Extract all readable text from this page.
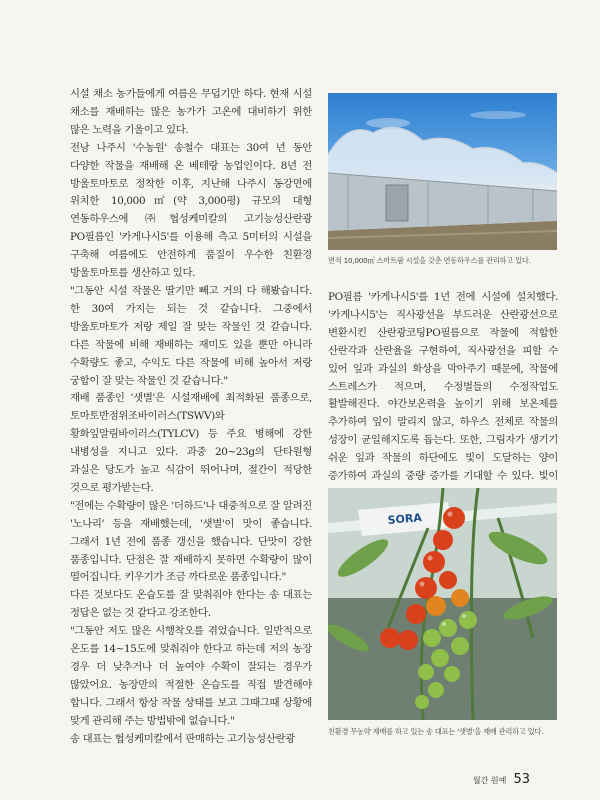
시설 채소 농가들에게 여름은 무덥기만 하다. 현재 시설 채소를 재배하는 많은 농가가 고온에 대비하기 위한 많은 노력을 기울이고 있다.

전남 나주시 '수농원' 송철수 대표는 30여 년 동안 다양한 작물을 재배해 온 베테랑 농업인이다. 8년 전 방울토마토로 정착한 이후, 지난해 나주시 동강면에 위치한 10,000㎡(약 3,000평) 규모의 대형 연동하우스에 ㈜협성케미칼의 고기능성산란광 PO필름인 '카게나시5'를 이용해 측고 5미터의 시설을 구축해 여름에도 안전하게 품질이 우수한 친환경 방울토마토를 생산하고 있다.

"그동안 시설 작물은 딸기만 빼고 거의 다 해봤습니다. 한 30여 가지는 되는 것 같습니다. 그중에서 방울토마토가 저랑 제일 잘 맞는 작물인 것 같습니다. 다른 작물에 비해 재배하는 재미도 있을 뿐만 아니라 수확량도 좋고, 수익도 다른 작물에 비해 높아서 저랑 궁합이 잘 맞는 작물인 것 같습니다."

재배 품종인 '샛별'은 시설재배에 최적화된 품종으로, 토마토반점위조바이러스(TSWV)와 황화잎말림바이러스(TYLCV) 등 주요 병해에 강한 내병성을 지니고 있다. 과중 20~23g의 단타원형 과실은 당도가 높고 식감이 뛰어나며, 절간이 적당한 것으로 평가받는다.

"전에는 수확량이 많은 '더하드'나 대중적으로 잘 알려진 '노나리' 등을 재배했는데, '샛별'이 맛이 좋습니다. 그래서 1년 전에 품종 갱신을 했습니다. 단맛이 강한 품종입니다. 단점은 잘 재배하지 못하면 수확량이 많이 떨어집니다. 키우기가 조금 까다로운 품종입니다."

다른 것보다도 온습도를 잘 맞춰줘야 한다는 송 대표는 정답은 없는 것 같다고 강조한다.

"그동안 저도 많은 시행착오를 겪었습니다. 일반적으로 온도를 14~15도에 맞춰줘야 한다고 하는데 저의 농장 경우 더 낮추거나 더 높여야 수확이 잘되는 경우가 많았어요. 농장만의 적절한 온습도를 직접 발견해야 합니다. 그래서 항상 작물 상태를 보고 그때그때 상황에 맞게 관리해 주는 방법밖에 없습니다."

송 대표는 협성케미칼에서 판매하는 고기능성산란광

면적 10,000㎡ 스마트팜 시설을 갖춘 연동하우스를 관리하고 있다.

PO필름 '카게나시5'를 1년 전에 시설에 설치했다. '카게나시5'는 직사광선을 부드러운 산란광선으로 변환시킨 산란광코팅PO필름으로 작물에 적합한 산란각과 산란율을 구현하여, 직사광선을 피할 수 있어 잎과 과실의 화상을 막아주기 때문에, 작물에 스트레스가 적으며, 수정벌들의 수정작업도 활발해진다. 야간보온력을 높이기 위해 보온제를 추가하여 잎이 말리지 않고, 하우스 전체로 작물의 성장이 균일해지도록 돕는다. 또한, 그림자가 생기기 쉬운 잎과 작물의 하단에도 빛이 도달하는 양이 증가하여 과실의 중량 증가를 기대할 수 있다. 빛이

SORA
친환경 무농약 재배를 하고 있는 송 대표는 '샛별'을 재배 관리하고 있다.
월간 원예 53
